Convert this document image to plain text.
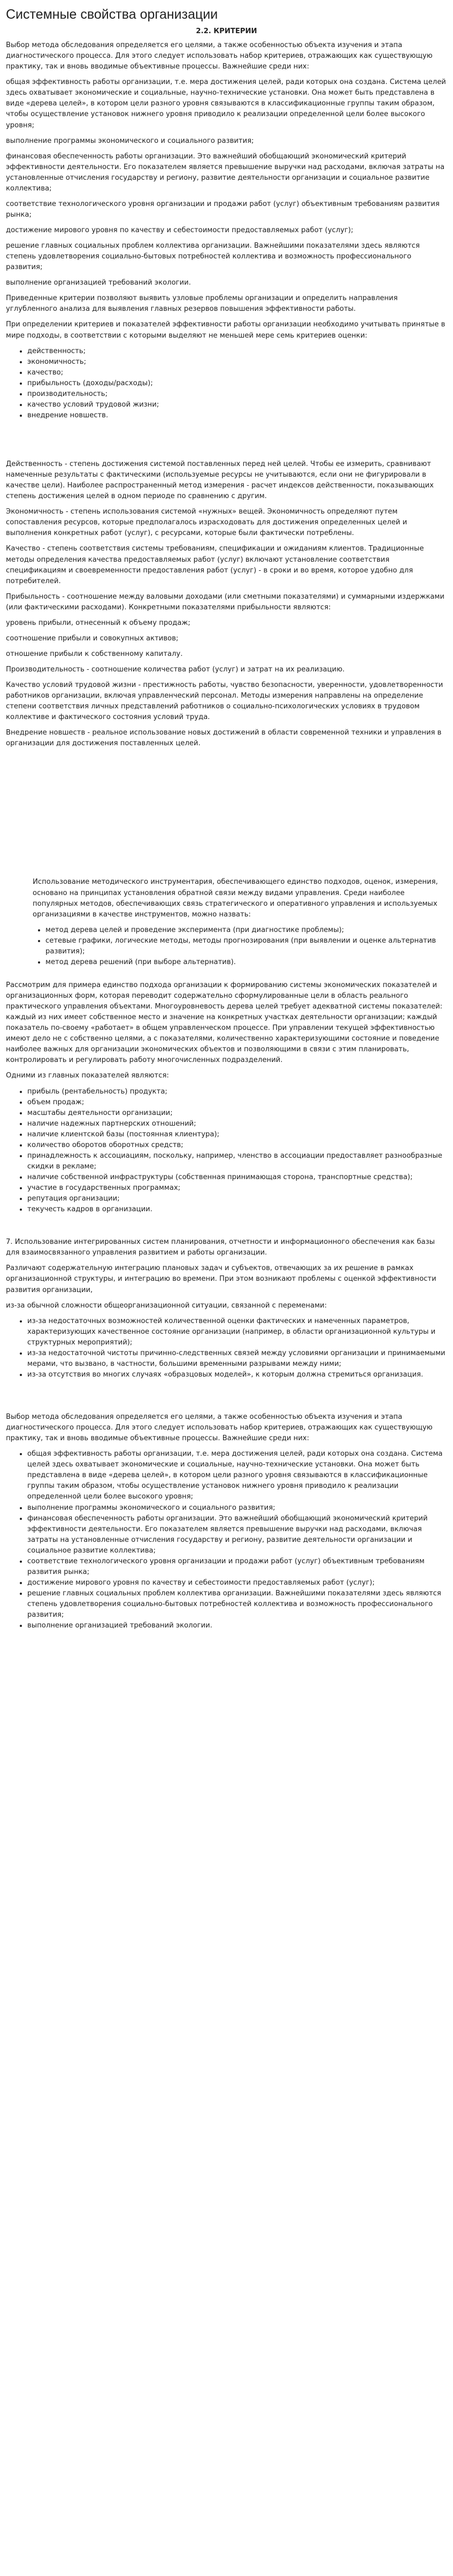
Системные свойства организации
2.2. КРИТЕРИИ

Выбор метода обследования определяется его целями, а также особенностью объекта изучения и этапа диагностического процесса. Для этого следует использовать набор критериев, отражающих как существующую практику, так и вновь вводимые объективные процессы. Важнейшие среди них:

общая эффективность работы организации, т.е. мера достижения целей, ради которых она создана. Система целей здесь охватывает экономические и социальные, научно-технические установки. Она может быть представлена в виде «дерева целей», в котором цели разного уровня связываются в классификационные группы таким образом, чтобы осуществление установок нижнего уровня приводило к реализации определенной цели более высокого уровня;

выполнение программы экономического и социального развития;

финансовая обеспеченность работы организации. Это важнейший обобщающий экономический критерий эффективности деятельности. Его показателем является превышение выручки над расходами, включая затраты на установленные отчисления государству и региону, развитие деятельности организации и социальное развитие коллектива;

соответствие технологического уровня организации и продажи работ (услуг) объективным требованиям развития рынка;

достижение мирового уровня по качеству и себестоимости предоставляемых работ (услуг);

решение главных социальных проблем коллектива организации. Важнейшими показателями здесь являются степень удовлетворения социально-бытовых потребностей коллектива и возможность профессионального развития;

выполнение организацией требований экологии.

Приведенные критерии позволяют выявить узловые проблемы организации и определить направления углубленного анализа для выявления главных резервов повышения эффективности работы.

При определении критериев и показателей эффективности работы организации необходимо учитывать принятые в мире подходы, в соответствии с которыми выделяют не меньшей мере семь критериев оценки:

• действенность;
• экономичность;
• качество;
• прибыльность (доходы/расходы);
• производительность;
• качество условий трудовой жизни;
• внедрение новшеств.

Действенность - степень достижения системой поставленных перед ней целей. Чтобы ее измерить, сравнивают намеченные результаты с фактическими (используемые ресурсы не учитываются, если они не фигурировали в качестве цели). Наиболее распространенный метод измерения - расчет индексов действенности, показывающих степень достижения целей в одном периоде по сравнению с другим.

Экономичность - степень использования системой «нужных» вещей. Экономичность определяют путем сопоставления ресурсов, которые предполагалось израсходовать для достижения определенных целей и выполнения конкретных работ (услуг), с ресурсами, которые были фактически потреблены.

Качество - степень соответствия системы требованиям, спецификации и ожиданиям клиентов. Традиционные методы определения качества предоставляемых работ (услуг) включают установление соответствия спецификациям и своевременности предоставления работ (услуг) - в сроки и во время, которое удобно для потребителей.

Прибыльность - соотношение между валовыми доходами (или сметными показателями) и суммарными издержками (или фактическими расходами). Конкретными показателями прибыльности являются:

уровень прибыли, отнесенный к объему продаж;

соотношение прибыли и совокупных активов;

отношение прибыли к собственному капиталу.

Производительность - соотношение количества работ (услуг) и затрат на их реализацию.

Качество условий трудовой жизни - престижность работы, чувство безопасности, уверенности, удовлетворенности работников организации, включая управленческий персонал. Методы измерения направлены на определение степени соответствия личных представлений работников о социально-психологических условиях в трудовом коллективе и фактического состояния условий труда.

Внедрение новшеств - реальное использование новых достижений в области современной техники и управления в организации для достижения поставленных целей.

Использование методического инструментария, обеспечивающего единство подходов, оценок, измерения, основано на принципах установления обратной связи между видами управления. Среди наиболее популярных методов, обеспечивающих связь стратегического и оперативного управления и используемых организациями в качестве инструментов, можно назвать:

• метод дерева целей и проведение эксперимента (при диагностике проблемы);
• сетевые графики, логические методы, методы прогнозирования (при выявлении и оценке альтернатив развития);
• метод дерева решений (при выборе альтернатив).

Рассмотрим для примера единство подхода организации к формированию системы экономических показателей и организационных форм, которая переводит содержательно сформулированные цели в область реального практического управления объектами. Многоуровневость дерева целей требует адекватной системы показателей: каждый из них имеет собственное место и значение на конкретных участках деятельности организации; каждый показатель по-своему «работает» в общем управленческом процессе. При управлении текущей эффективностью имеют дело не с собственно целями, а с показателями, количественно характеризующими состояние и поведение наиболее важных для организации экономических объектов и позволяющими в связи с этим планировать, контролировать и регулировать работу многочисленных подразделений.

Одними из главных показателей являются:

• прибыль (рентабельность) продукта;
• объем продаж;
• масштабы деятельности организации;
• наличие надежных партнерских отношений;
• наличие клиентской базы (постоянная клиентура);
• количество оборотов оборотных средств;
• принадлежность к ассоциациям, поскольку, например, членство в ассоциации предоставляет разнообразные скидки в рекламе;
• наличие собственной инфраструктуры (собственная принимающая сторона, транспортные средства);
• участие в государственных программах;
• репутация организации;
• текучесть кадров в организации.

7. Использование интегрированных систем планирования, отчетности и информационного обеспечения как базы для взаимосвязанного управления развитием и работы организации.

Различают содержательную интеграцию плановых задач и субъектов, отвечающих за их решение в рамках организационной структуры, и интеграцию во времени. При этом возникают проблемы с оценкой эффективности развития организации,

из-за обычной сложности общеорганизационной ситуации, связанной с переменами:

• из-за недостаточных возможностей количественной оценки фактических и намеченных параметров, характеризующих качественное состояние организации (например, в области организационной культуры и структурных мероприятий);
• из-за недостаточной чистоты причинно-следственных связей между условиями организации и принимаемыми мерами, что вызвано, в частности, большими временными разрывами между ними;
• из-за отсутствия во многих случаях «образцовых моделей», к которым должна стремиться организация.

Выбор метода обследования определяется его целями, а также особенностью объекта изучения и этапа диагностического процесса. Для этого следует использовать набор критериев, отражающих как существующую практику, так и вновь вводимые объективные процессы. Важнейшие среди них:

• общая эффективность работы организации, т.е. мера достижения целей, ради которых она создана. Система целей здесь охватывает экономические и социальные, научно-технические установки. Она может быть представлена в виде «дерева целей», в котором цели разного уровня связываются в классификационные группы таким образом, чтобы осуществление установок нижнего уровня приводило к реализации определенной цели более высокого уровня;
• выполнение программы экономического и социального развития;
• финансовая обеспеченность работы организации. Это важнейший обобщающий экономический критерий эффективности деятельности. Его показателем является превышение выручки над расходами, включая затраты на установленные отчисления государству и региону, развитие деятельности организации и социальное развитие коллектива;
• соответствие технологического уровня организации и продажи работ (услуг) объективным требованиям развития рынка;
• достижение мирового уровня по качеству и себестоимости предоставляемых работ (услуг);
• решение главных социальных проблем коллектива организации. Важнейшими показателями здесь являются степень удовлетворения социально-бытовых потребностей коллектива и возможность профессионального развития;
• выполнение организацией требований экологии.
